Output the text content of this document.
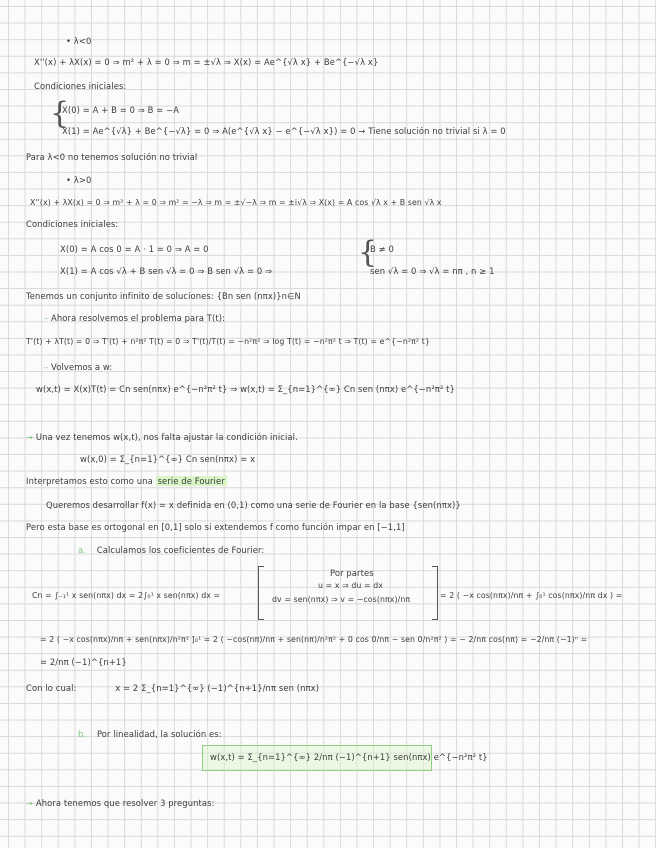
• λ<0
X''(x) + λX(x) = 0 ⇒ m² + λ = 0 ⇒ m = ±√λ ⇒ X(x) = Ae^{√λ x} + Be^{−√λ x}
Condiciones iniciales:
{
X(0) = A + B = 0 ⇒ B = −A
X(1) = Ae^{√λ} + Be^{−√λ} = 0 ⇒ A(e^{√λ x} − e^{−√λ x}) = 0 → Tiene solución no trivial si λ = 0
Para λ<0 no tenemos solución no trivial
• λ>0
X''(x) + λX(x) = 0 ⇒ m² + λ = 0 ⇒ m² = −λ ⇒ m = ±√−λ ⇒ m = ±i√λ ⇒ X(x) = A cos √λ x + B sen √λ x
Condiciones iniciales:
X(0) = A cos 0 = A · 1 = 0 ⇒ A = 0
X(1) = A cos √λ + B sen √λ = 0 ⇒ B sen √λ = 0 ⇒
{
B ≠ 0
sen √λ = 0 ⇒ √λ = nπ , n ≥ 1
Tenemos un conjunto infinito de soluciones: {Bn sen (nπx)}n∈N
– Ahora resolvemos el problema para T(t):
T'(t) + λT(t) = 0 ⇒ T'(t) + n²π² T(t) = 0 ⇒ T'(t)/T(t) = −n²π² ⇒ log T(t) = −n²π² t ⇒ T(t) = e^{−n²π² t}
– Volvemos a w:
w(x,t) = X(x)T(t) = Cn sen(nπx) e^{−n²π² t} ⇒ w(x,t) = Σ_{n=1}^{∞} Cn sen (nπx) e^{−n²π² t}
→ Una vez tenemos w(x,t), nos falta ajustar la condición inicial.
w(x,0) = Σ_{n=1}^{∞} Cn sen(nπx) = x
Interpretamos esto como una serie de Fourier
Queremos desarrollar f(x) = x definida en (0,1) como una serie de Fourier en la base {sen(nπx)}
Pero esta base es ortogonal en [0,1] solo si extendemos f como función impar en [−1,1]
a. Calculamos los coeficientes de Fourier:
Cn = ∫₋₁¹ x sen(nπx) dx = 2∫₀¹ x sen(nπx) dx =
Por partes
u = x ⇒ du = dx
dv = sen(nπx) ⇒ v = −cos(nπx)/nπ	= 2 ( −x cos(nπx)/nπ + ∫₀¹ cos(nπx)/nπ dx ) =
= 2 ( −x cos(nπx)/nπ + sen(nπx)/n²π² ]₀¹ = 2 ( −cos(nπ)/nπ + sen(nπ)/n²π² + 0 cos 0/nπ − sen 0/n²π² ) = − 2/nπ cos(nπ) = −2/nπ (−1)ⁿ =
= 2/nπ (−1)^{n+1}
Con lo cual:	x = 2 Σ_{n=1}^{∞} (−1)^{n+1}/nπ sen (nπx)
b. Por linealidad, la solución es:
w(x,t) = Σ_{n=1}^{∞} 2/nπ (−1)^{n+1} sen(nπx) e^{−n²π² t}
→ Ahora tenemos que resolver 3 preguntas:
